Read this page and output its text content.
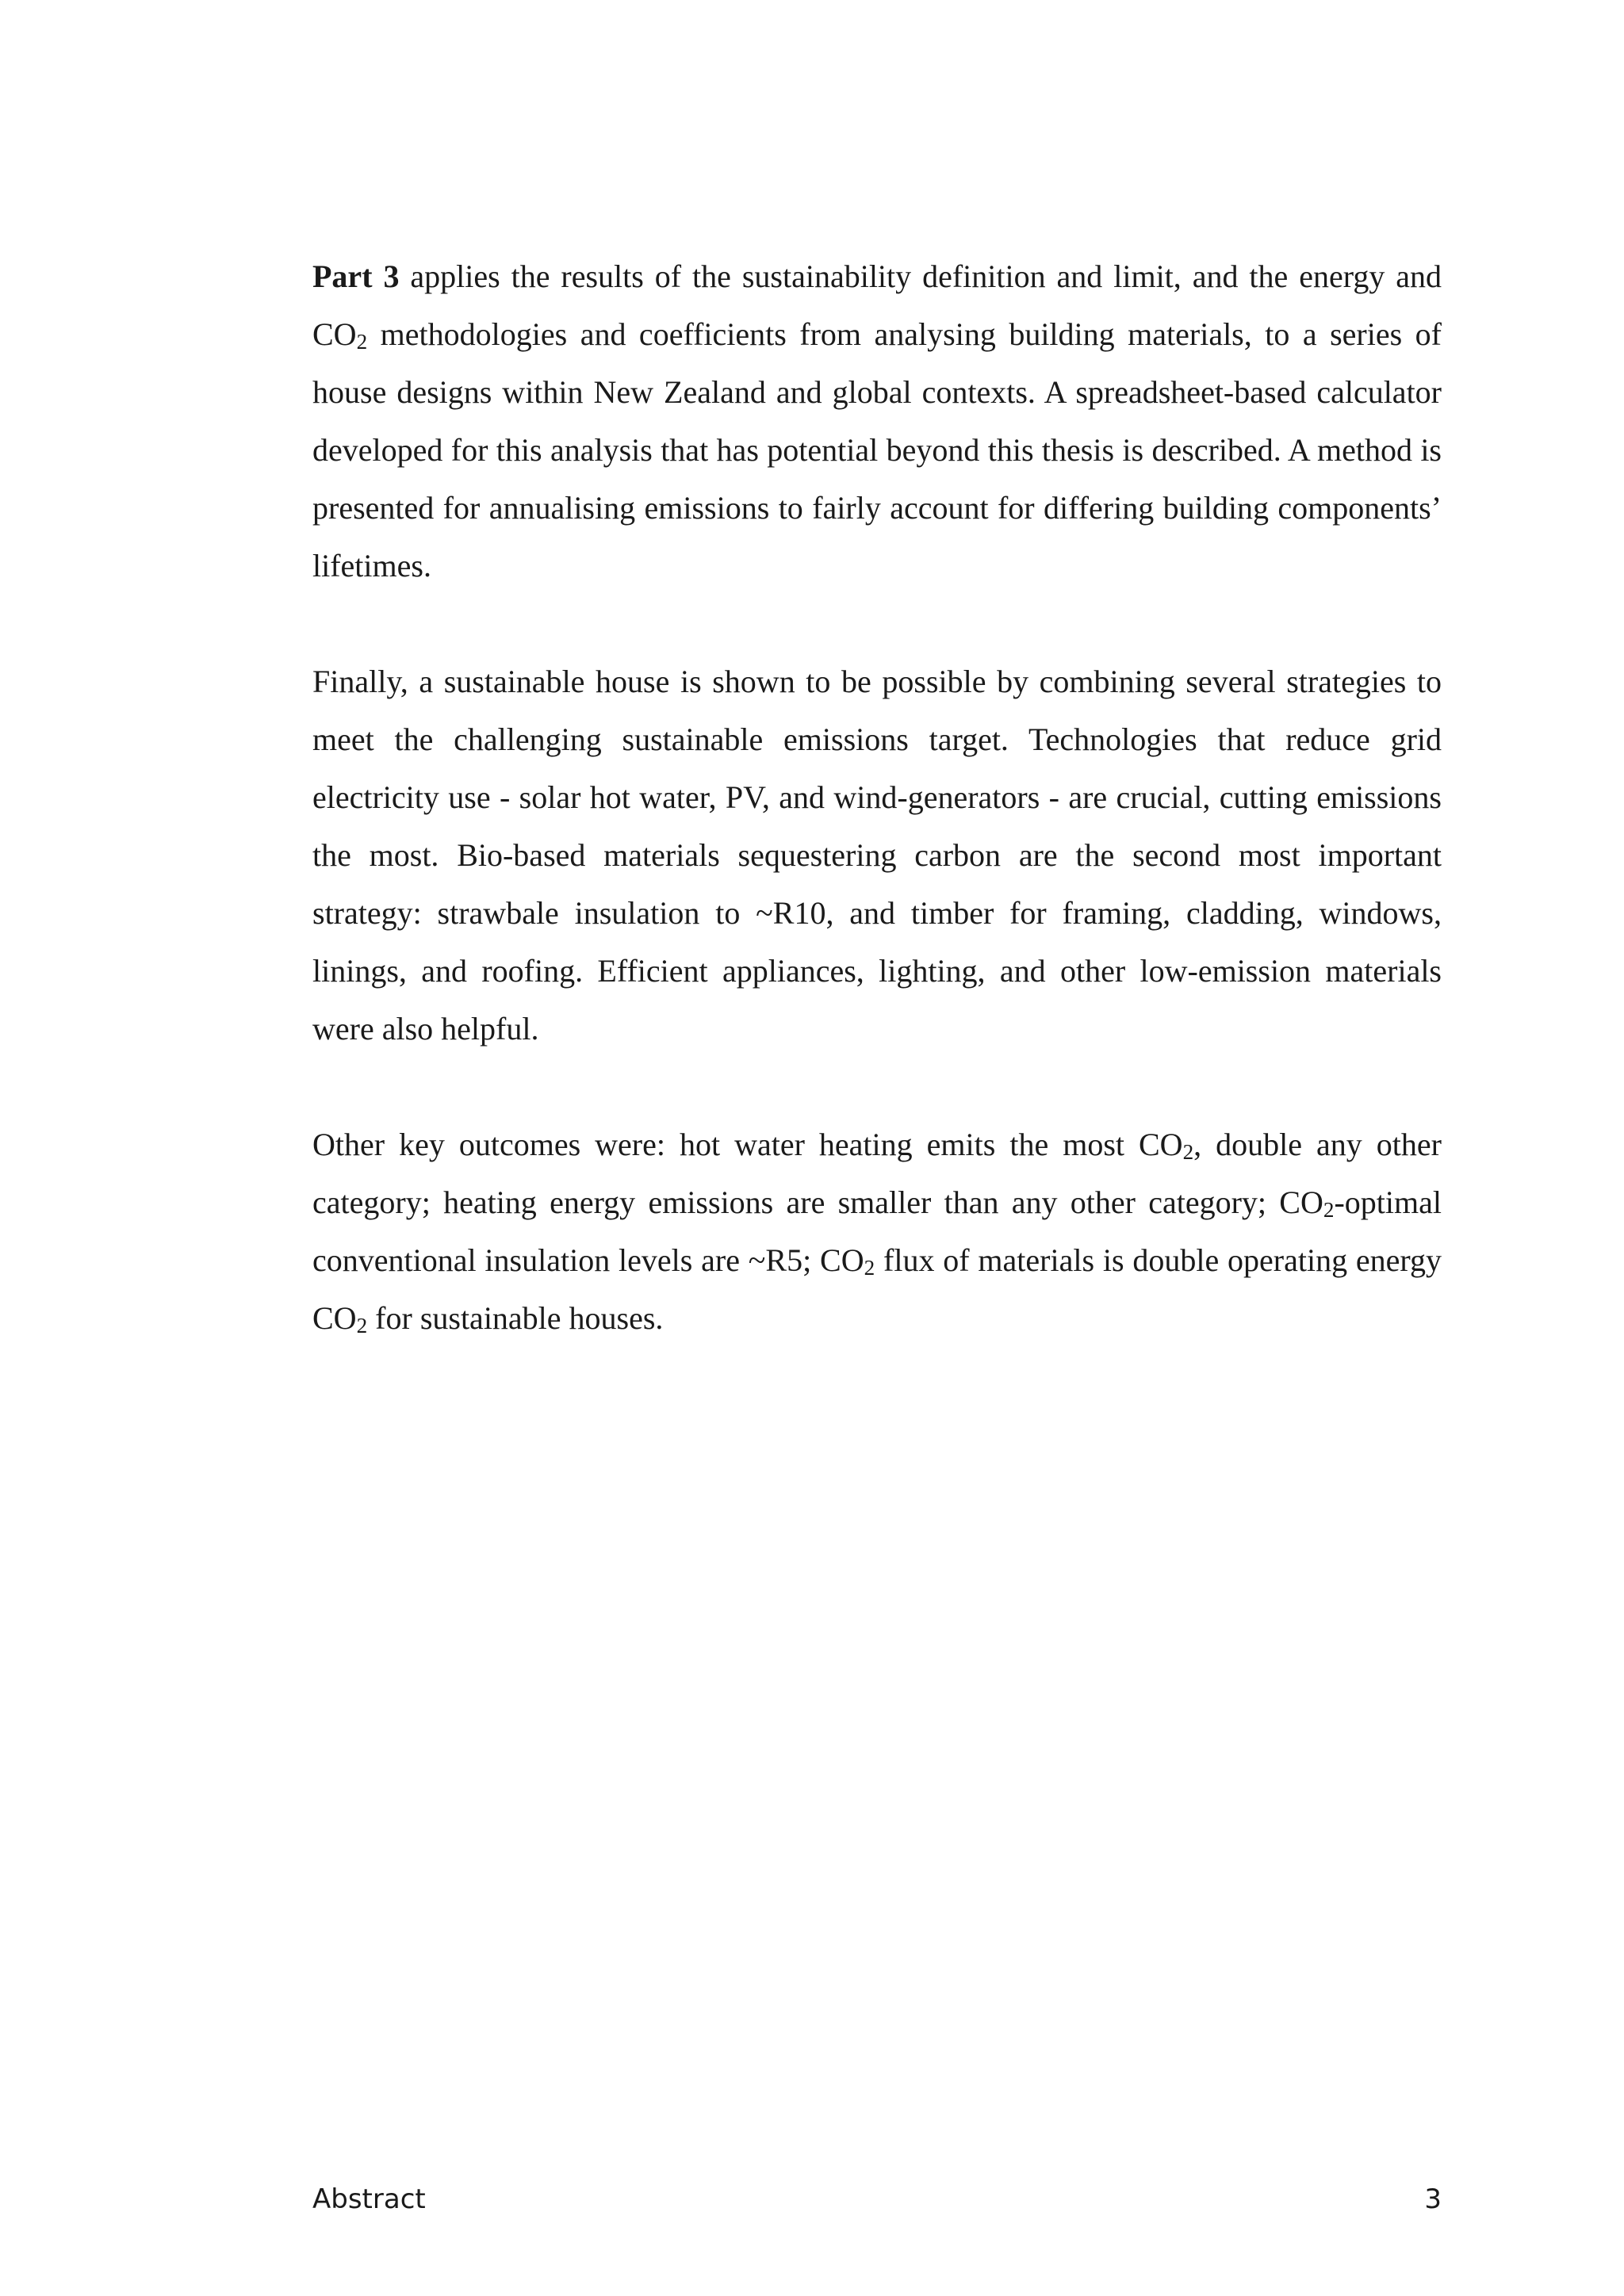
Part 3 applies the results of the sustainability definition and limit, and the energy and $CO_2$ methodologies and coefficients from analysing building materials, to a series of house designs within New Zealand and global contexts. A spreadsheet-based calculator developed for this analysis that has potential beyond this thesis is described. A method is presented for annualising emissions to fairly account for differing building components’ lifetimes.

Finally, a sustainable house is shown to be possible by combining several strategies to meet the challenging sustainable emissions target. Technologies that reduce grid electricity use - solar hot water, PV, and wind-generators - are crucial, cutting emissions the most. Bio-based materials sequestering carbon are the second most important strategy: strawbale insulation to ~R10, and timber for framing, cladding, windows, linings, and roofing. Efficient appliances, lighting, and other low-emission materials were also helpful.

Other key outcomes were: hot water heating emits the most $CO_2$, double any other category; heating energy emissions are smaller than any other category; $CO_2$-optimal conventional insulation levels are ~R5; $CO_2$ flux of materials is double operating energy $CO_2$ for sustainable houses.

Abstract	3
